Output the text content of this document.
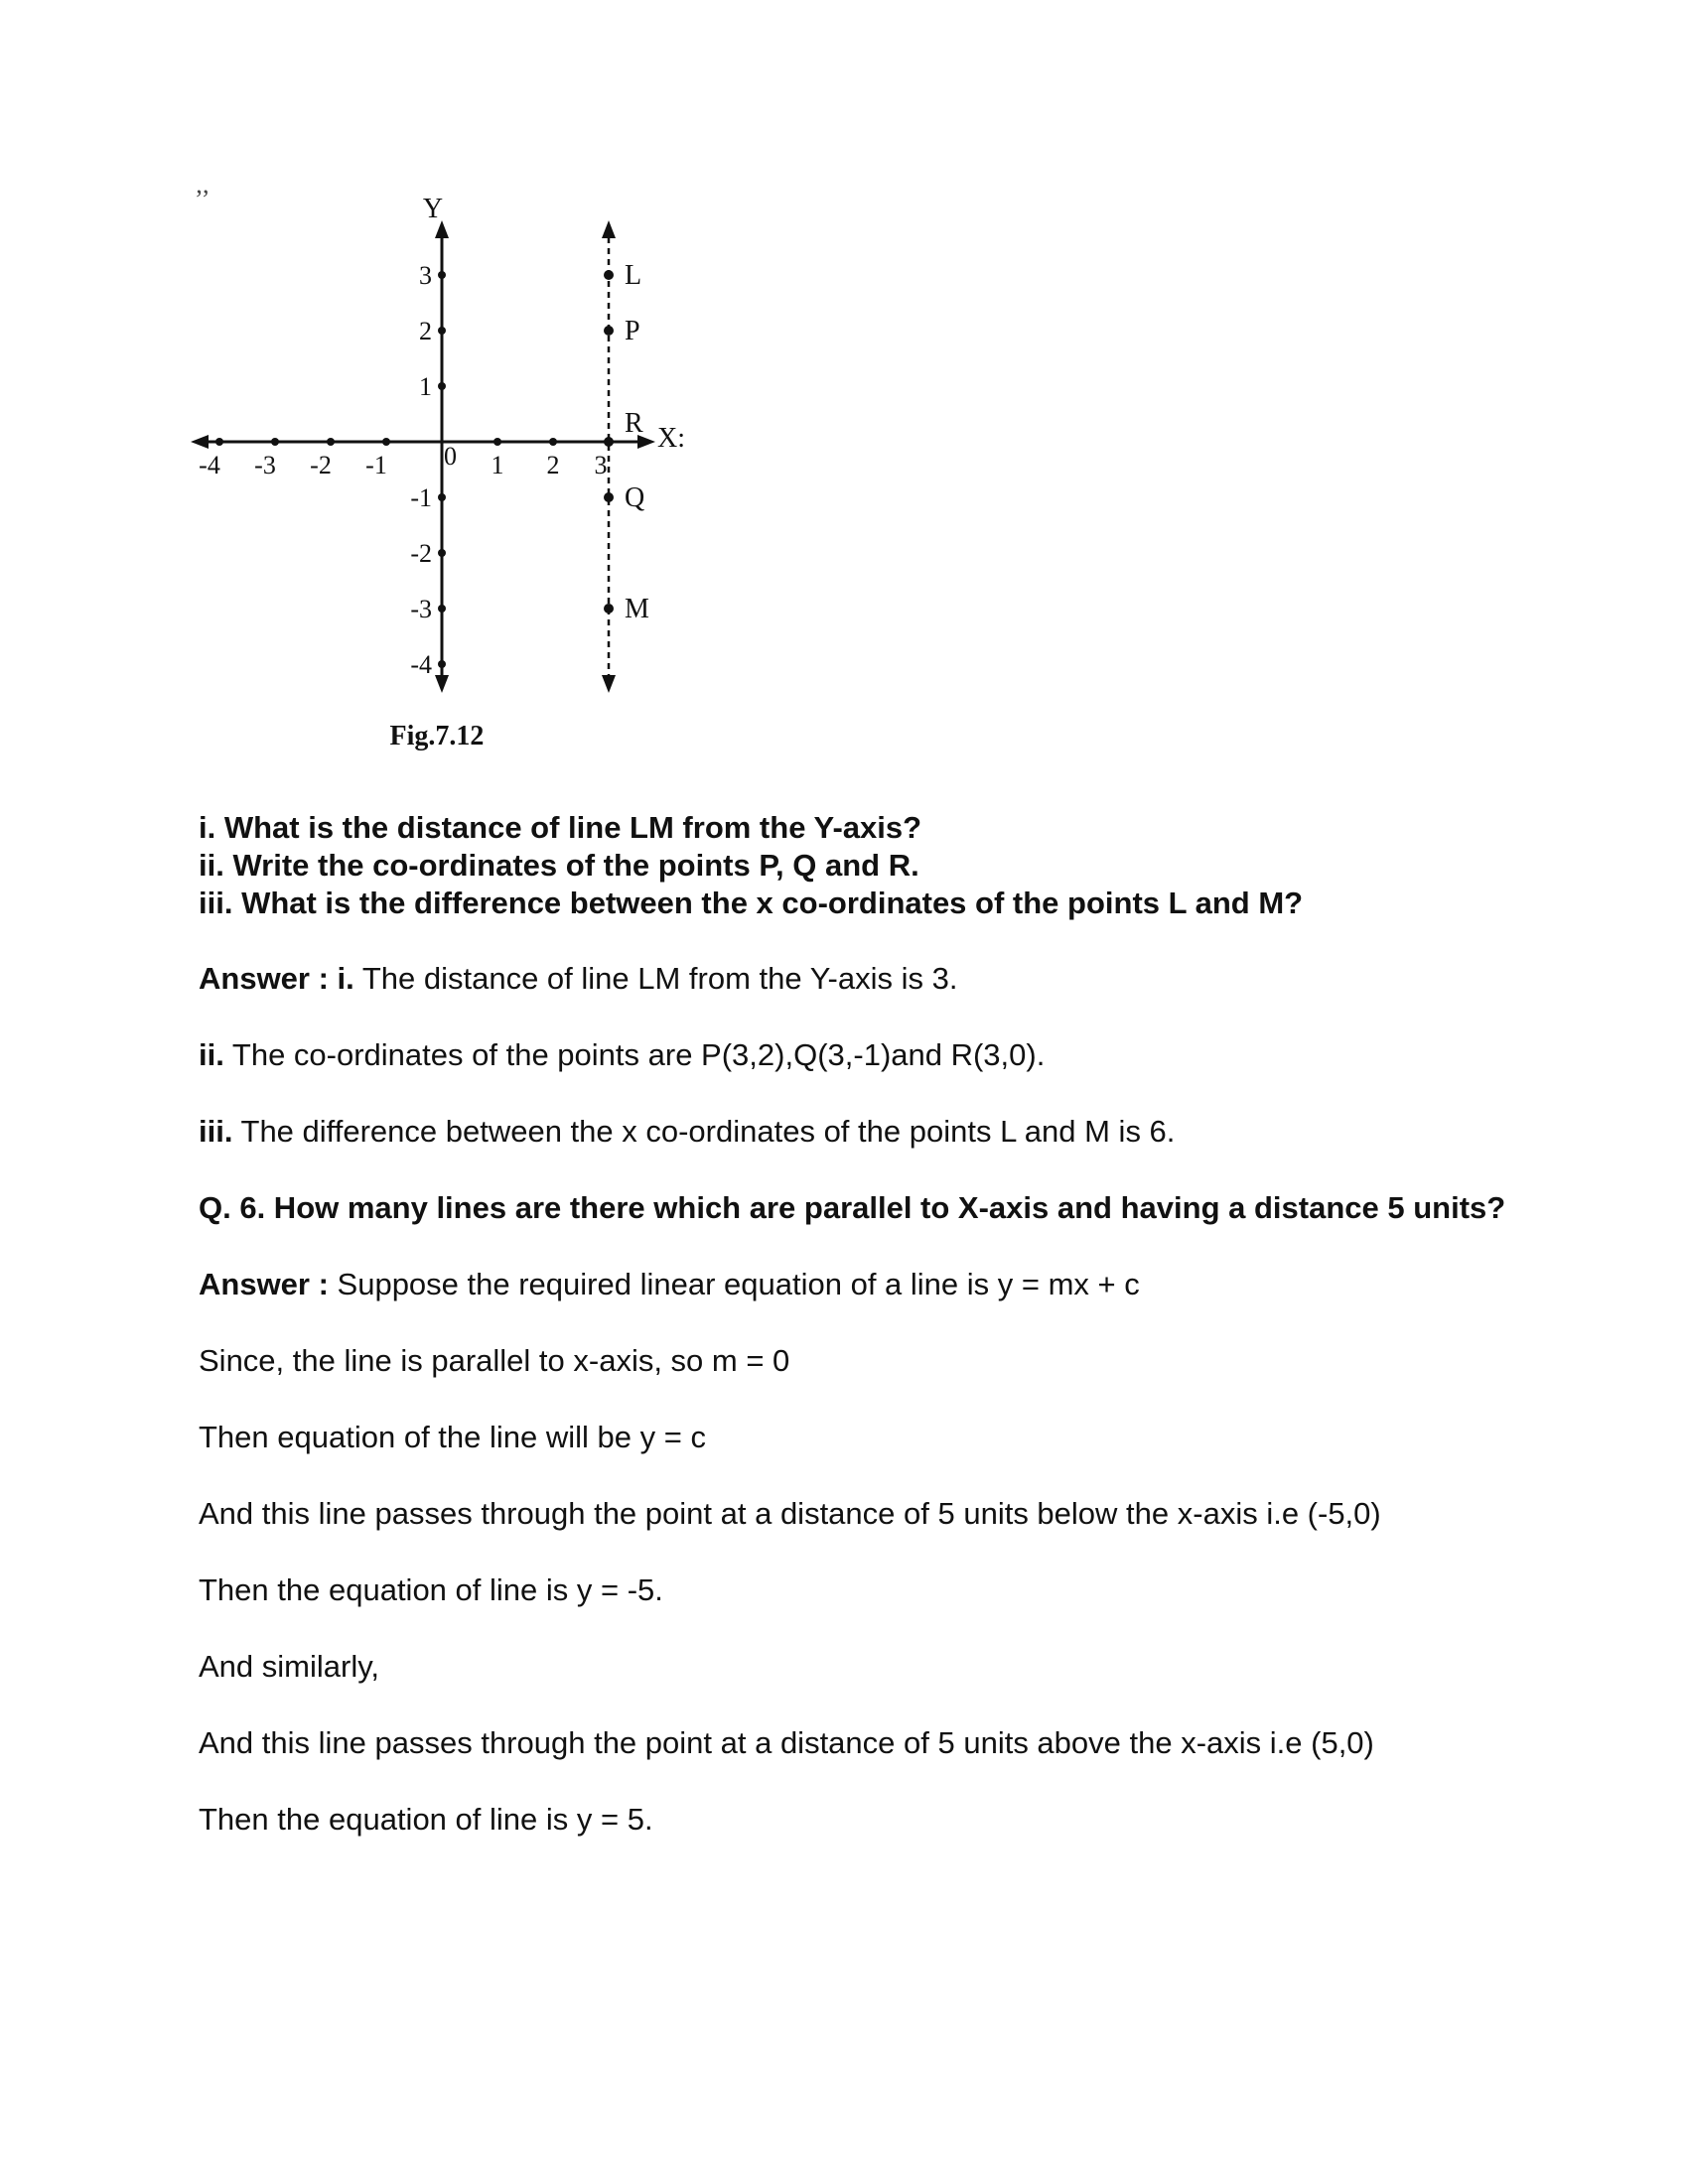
’’
-4 -3 -2 -1	1 2 3
3
2
1
-1
-2
-3
-4
L
P
R
Q
M
Y
X:
0
Fig.7.12
i. What is the distance of line LM from the Y-axis?
ii. Write the co-ordinates of the points P, Q and R.
iii. What is the difference between the x co-ordinates of the points L and M?

Answer : i. The distance of line LM from the Y-axis is 3.

ii. The co-ordinates of the points are P(3,2),Q(3,-1)and R(3,0).

iii. The difference between the x co-ordinates of the points L and M is 6.

Q. 6. How many lines are there which are parallel to X-axis and having a distance 5 units?

Answer : Suppose the required linear equation of a line is y = mx + c

Since, the line is parallel to x-axis, so m = 0

Then equation of the line will be y = c

And this line passes through the point at a distance of 5 units below the x-axis i.e (-5,0)

Then the equation of line is y = -5.

And similarly,

And this line passes through the point at a distance of 5 units above the x-axis i.e (5,0)

Then the equation of line is y = 5.
